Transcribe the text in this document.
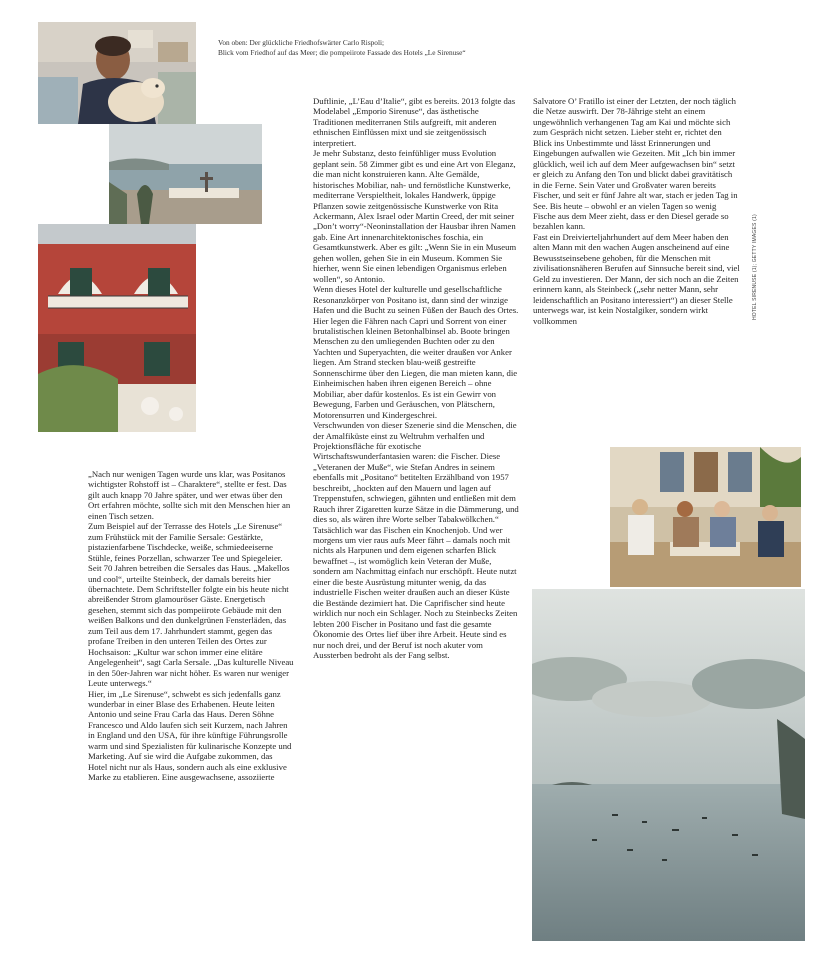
Von oben: Der glückliche Friedhofswärter Carlo Rispoli;
Blick vom Friedhof auf das Meer; die pompeiirote Fassade des Hotels „Le Sirenuse“
HOTEL SIRENUSE (1); GETTY IMAGES (1)

„Nach nur wenigen Tagen wurde uns klar, was Positanos wichtigster Rohstoff ist – Charaktere“, stellte er fest. Das gilt auch knapp 70 Jahre später, und wer etwas über den Ort erfahren möchte, sollte sich mit den Menschen hier an einen Tisch setzen.

Zum Beispiel auf der Terrasse des Hotels „Le Sirenuse“ zum Frühstück mit der Familie Sersale: Gestärkte, pistazienfarbene Tischdecke, weiße, schmiedeeiserne Stühle, feines Porzellan, schwarzer Tee und Spiegeleier. Seit 70 Jahren betreiben die Sersales das Haus. „Makellos und cool“, urteilte Steinbeck, der damals bereits hier übernachtete. Dem Schriftsteller folgte ein bis heute nicht abreißender Strom glamouröser Gäste. Energetisch gesehen, stemmt sich das pompeiirote Gebäude mit den weißen Balkons und den dunkelgrünen Fensterläden, das zum Teil aus dem 17. Jahrhundert stammt, gegen das profane Treiben in den unteren Teilen des Ortes zur Hochsaison: „Kultur war schon immer eine elitäre Angelegenheit“, sagt Carla Sersale. „Das kulturelle Niveau in den 50er-Jahren war nicht höher. Es waren nur weniger Leute unterwegs.“

Hier, im „Le Sirenuse“, schwebt es sich jedenfalls ganz wunderbar in einer Blase des Erhabenen. Heute leiten Antonio und seine Frau Carla das Haus. Deren Söhne Francesco und Aldo laufen sich seit Kurzem, nach Jahren in England und den USA, für ihre künftige Führungsrolle warm und sind Spezialisten für kulinarische Konzepte und Marketing. Auf sie wird die Aufgabe zukommen, das Hotel nicht nur als Haus, sondern auch als eine exklusive Marke zu etablieren. Eine ausgewachsene, assoziierte

Duftlinie, „L’Eau d’Italie“, gibt es bereits. 2013 folgte das Modelabel „Emporio Sirenuse“, das ästhetische Traditionen mediterranen Stils aufgreift, mit anderen ethnischen Einflüssen mixt und sie zeitgenössisch interpretiert.

Je mehr Substanz, desto feinfühliger muss Evolution geplant sein. 58 Zimmer gibt es und eine Art von Eleganz, die man nicht konstruieren kann. Alte Gemälde, historisches Mobiliar, nah- und fernöstliche Kunstwerke, mediterrane Verspieltheit, lokales Handwerk, üppige Pflanzen sowie zeitgenössische Kunstwerke von Rita Ackermann, Alex Israel oder Martin Creed, der mit seiner „Don’t worry“-Neoninstallation der Hausbar ihren Namen gab. Eine Art innenarchitektonisches foschia, ein Gesamtkunstwerk. Aber es gilt: „Wenn Sie in ein Museum gehen wollen, gehen Sie in ein Museum. Kommen Sie hierher, wenn Sie einen lebendigen Organismus erleben wollen“, so Antonio.

Wenn dieses Hotel der kulturelle und gesellschaftliche Resonanzkörper von Positano ist, dann sind der winzige Hafen und die Bucht zu seinen Füßen der Bauch des Ortes. Hier legen die Fähren nach Capri und Sorrent von einer brutalistischen kleinen Betonhalbinsel ab. Boote bringen Menschen zu den umliegenden Buchten oder zu den Yachten und Superyachten, die weiter draußen vor Anker liegen. Am Strand stecken blau-weiß gestreifte Sonnenschirme über den Liegen, die man mieten kann, die Einheimischen haben ihren eigenen Bereich – ohne Mobiliar, aber dafür kostenlos. Es ist ein Gewirr von Bewegung, Farben und Geräuschen, von Plätschern, Motorensurren und Kindergeschrei.

Verschwunden von dieser Szenerie sind die Menschen, die der Amalfiküste einst zu Weltruhm verhalfen und Projektionsfläche für exotische Wirtschaftswunderfantasien waren: die Fischer. Diese „Veteranen der Muße“, wie Stefan Andres in seinem ebenfalls mit „Positano“ betitelten Erzählband von 1957 beschreibt, „hockten auf den Mauern und lagen auf Treppenstufen, schwiegen, gähnten und entließen mit dem Rauch ihrer Zigaretten kurze Sätze in die Dämmerung, und dies so, als wären ihre Worte selber Tabakwölkchen.“

Tatsächlich war das Fischen ein Knochenjob. Und wer morgens um vier raus aufs Meer fährt – damals noch mit nichts als Harpunen und dem eigenen scharfen Blick bewaffnet –, ist womöglich kein Veteran der Muße, sondern am Nachmittag einfach nur erschöpft. Heute nutzt einer die beste Ausrüstung mitunter wenig, da das industrielle Fischen weiter draußen auch an dieser Küste die Bestände dezimiert hat. Die Caprifischer sind heute wirklich nur noch ein Schlager. Noch zu Steinbecks Zeiten lebten 200 Fischer in Positano und fast die gesamte Ökonomie des Ortes lief über ihre Arbeit. Heute sind es nur noch drei, und der Beruf ist noch akuter vom Aussterben bedroht als der Fang selbst.

Salvatore O’ Fratillo ist einer der Letzten, der noch täglich die Netze auswirft. Der 78-Jährige steht an einem ungewöhnlich verhangenen Tag am Kai und möchte sich zum Gespräch nicht setzen. Lieber steht er, richtet den Blick ins Unbestimmte und lässt Erinnerungen und Eingebungen aufwallen wie Gezeiten. Mit „Ich bin immer glücklich, weil ich auf dem Meer aufgewachsen bin“ setzt er gleich zu Anfang den Ton und blickt dabei gravitätisch in die Ferne. Sein Vater und Großvater waren bereits Fischer, und seit er fünf Jahre alt war, stach er jeden Tag in See. Bis heute – obwohl er an vielen Tagen so wenig Fische aus dem Meer zieht, dass er den Diesel gerade so bezahlen kann.

Fast ein Dreivierteljahrhundert auf dem Meer haben den alten Mann mit den wachen Augen anscheinend auf eine Bewusstseinsebene gehoben, für die Menschen mit zivilisationsnäheren Berufen auf Sinnsuche bereit sind, viel Geld zu investieren. Der Mann, der sich noch an die Zeiten erinnern kann, als Steinbeck („sehr netter Mann, sehr leidenschaftlich an Positano interessiert“) an dieser Stelle unterwegs war, ist kein Nostalgiker, sondern wirkt vollkommen
